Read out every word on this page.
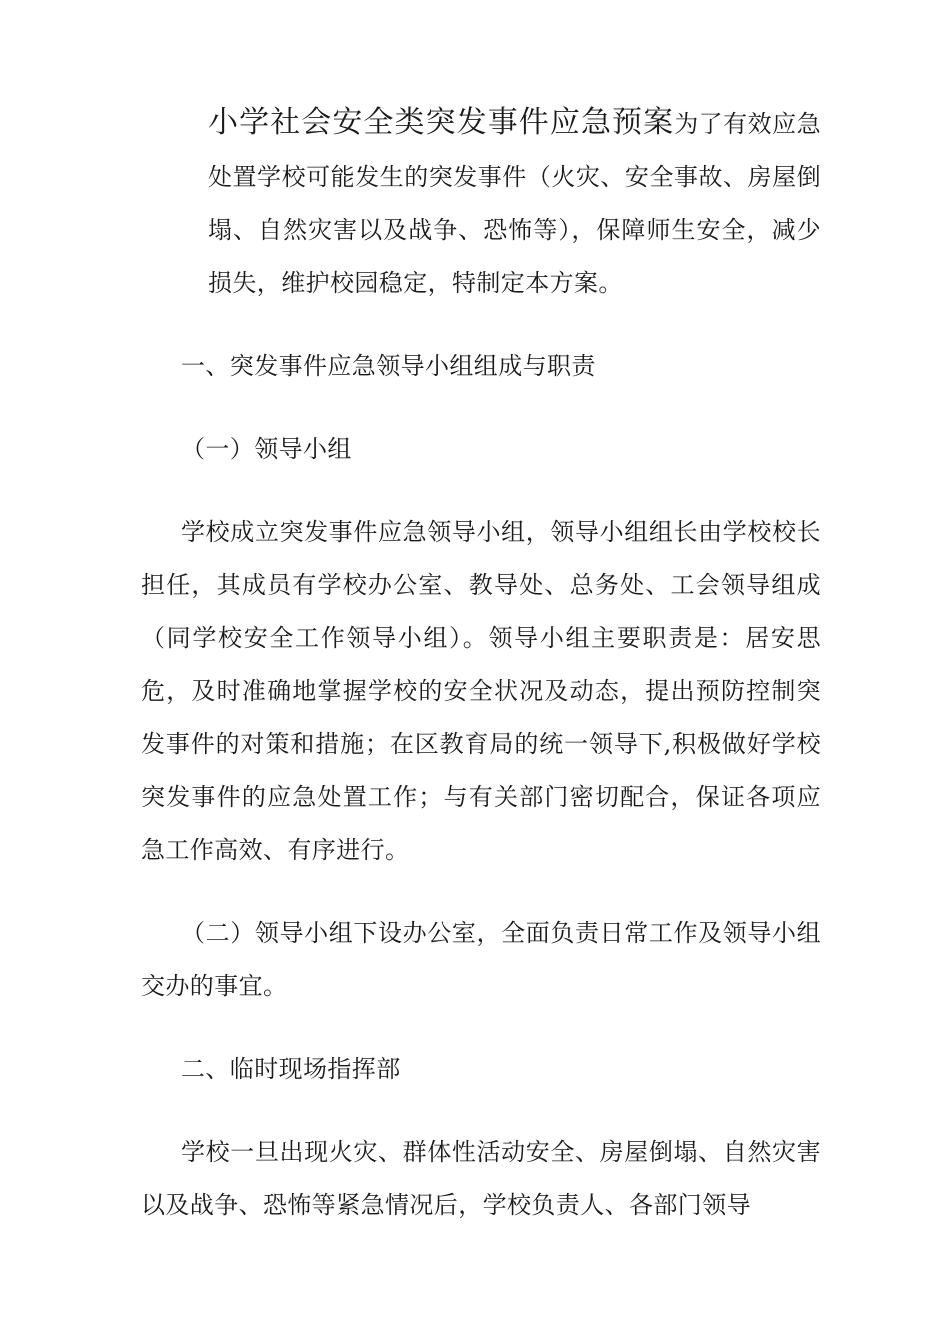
小学社会安全类突发事件应急预案为了有效应急处置学校可能发生的突发事件（火灾、安全事故、房屋倒塌、自然灾害以及战争、恐怖等），保障师生安全，减少损失，维护校园稳定，特制定本方案。

一、突发事件应急领导小组组成与职责

（一）领导小组

学校成立突发事件应急领导小组，领导小组组长由学校校长担任，其成员有学校办公室、教导处、总务处、工会领导组成（同学校安全工作领导小组）。领导小组主要职责是：居安思危，及时准确地掌握学校的安全状况及动态，提出预防控制突发事件的对策和措施；在区教育局的统一领导下,积极做好学校突发事件的应急处置工作；与有关部门密切配合，保证各项应急工作高效、有序进行。

（二）领导小组下设办公室，全面负责日常工作及领导小组交办的事宜。

二、临时现场指挥部

学校一旦出现火灾、群体性活动安全、房屋倒塌、自然灾害以及战争、恐怖等紧急情况后，学校负责人、各部门领导
